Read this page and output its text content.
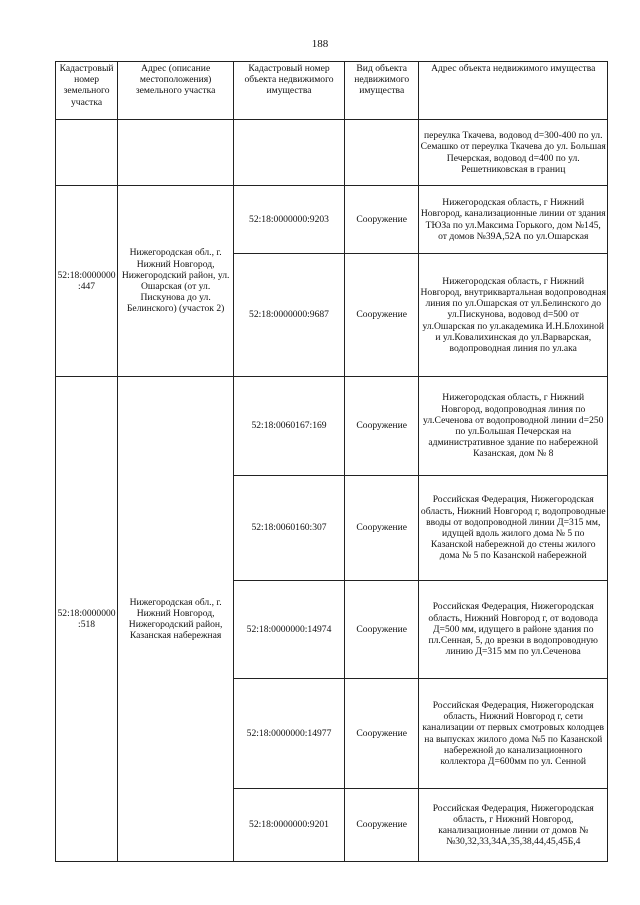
188
Кадастровый номер земельного участка	Адрес (описание местоположения) земельного участка	Кадастровый номер объекта недвижимого имущества	Вид объекта недвижимого имущества	Адрес объекта недвижимого имущества
				переулка Ткачева, водовод d=300-400 по ул. Семашко от переулка Ткачева до ул. Большая Печерская, водовод d=400 по ул. Решетниковская в границ
52:18:0000000:447	Нижегородская обл., г. Нижний Новгород, Нижегородский район, ул. Ошарская (от ул. Пискунова до ул. Белинского) (участок 2)	52:18:0000000:9203	Сооружение	Нижегородская область, г Нижний Новгород, канализационные линии от здания ТЮЗа по ул.Максима Горького, дом №145, от домов №39А,52А по ул.Ошарская
		52:18:0000000:9687	Сооружение	Нижегородская область, г Нижний Новгород, внутриквартальная водопроводная линия по ул.Ошарская от ул.Белинского до ул.Пискунова, водовод d=500 от ул.Ошарская по ул.академика И.Н.Блохиной и ул.Ковалихинская до ул.Варварская, водопроводная линия по ул.ака
52:18:0000000:518	Нижегородская обл., г. Нижний Новгород, Нижегородский район, Казанская набережная	52:18:0060167:169	Сооружение	Нижегородская область, г Нижний Новгород, водопроводная линия по ул.Сеченова от водопроводной линии d=250 по ул.Большая Печерская на административное здание по набережной Казанская, дом № 8
		52:18:0060160:307	Сооружение	Российская Федерация, Нижегородская область, Нижний Новгород г, водопроводные вводы от водопроводной линии Д=315 мм, идущей вдоль жилого дома № 5 по Казанской набережной до стены жилого дома № 5 по Казанской набережной
		52:18:0000000:14974	Сооружение	Российская Федерация, Нижегородская область, Нижний Новгород г, от водовода Д=500 мм, идущего в районе здания по пл.Сенная, 5, до врезки в водопроводную линию Д=315 мм по ул.Сеченова
		52:18:0000000:14977	Сооружение	Российская Федерация, Нижегородская область, Нижний Новгород г, сети канализации от первых смотровых колодцев на выпусках жилого дома №5 по Казанской набережной до канализационного коллектора Д=600мм по ул. Сенной
		52:18:0000000:9201	Сооружение	Российская Федерация, Нижегородская область, г Нижний Новгород, канализационные линии от домов №№30,32,33,34А,35,38,44,45,45Б,4
